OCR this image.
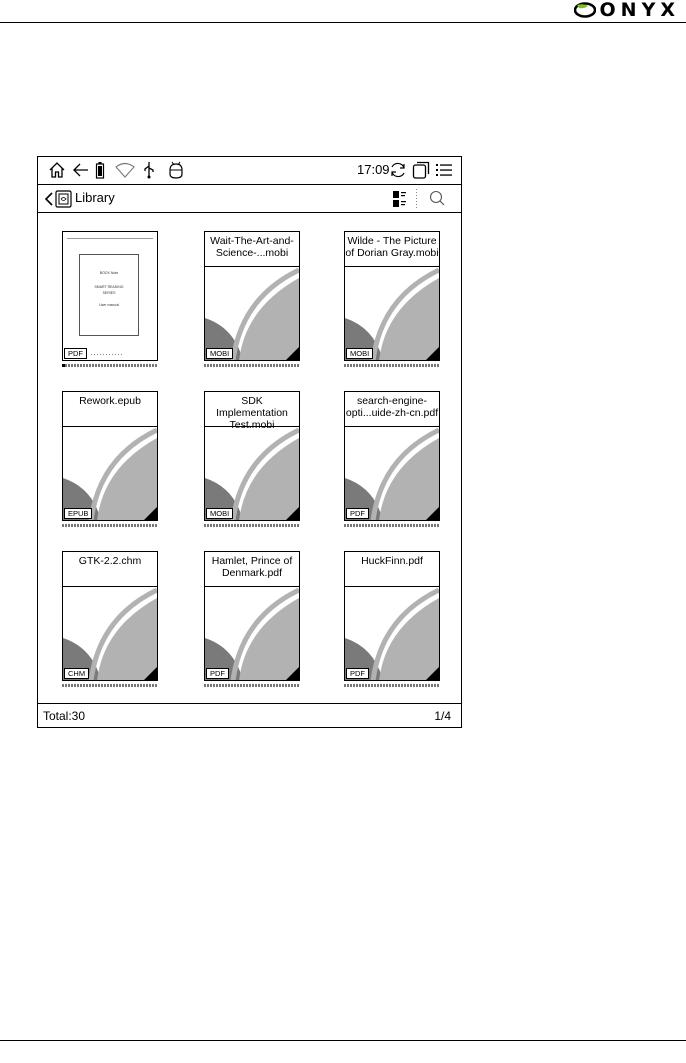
ONYX
17:09
Library
BOOX Note
SMART READING
SERIES
User manual
PDF
Wait-The-Art-and-Science-...mobi
MOBI
Wilde - The Picture of Dorian Gray.mobi
MOBI
Rework.epub
EPUB
SDK Implementation Test.mobi
MOBI
search-engine-opti...uide-zh-cn.pdf
PDF
GTK-2.2.chm
CHM
Hamlet, Prince of Denmark.pdf
PDF
HuckFinn.pdf
PDF
Total:30	1/4
